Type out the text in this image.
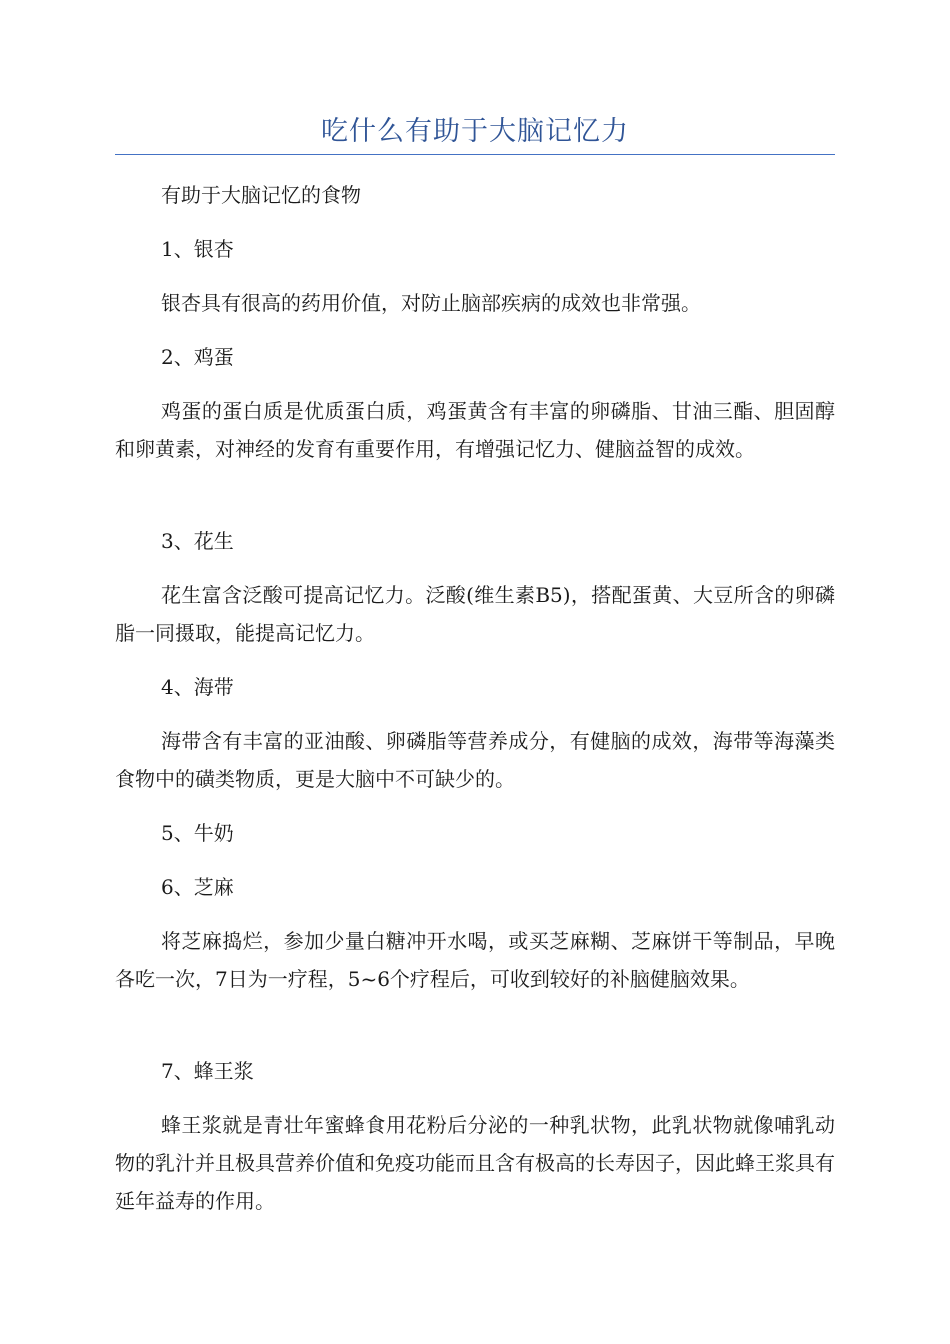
吃什么有助于大脑记忆力

有助于大脑记忆的食物

1、银杏

银杏具有很高的药用价值，对防止脑部疾病的成效也非常强。

2、鸡蛋

鸡蛋的蛋白质是优质蛋白质，鸡蛋黄含有丰富的卵磷脂、甘油三酯、胆固醇和卵黄素，对神经的发育有重要作用，有增强记忆力、健脑益智的成效。

3、花生

花生富含泛酸可提高记忆力。泛酸(维生素B5)，搭配蛋黄、大豆所含的卵磷脂一同摄取，能提高记忆力。

4、海带

海带含有丰富的亚油酸、卵磷脂等营养成分，有健脑的成效，海带等海藻类食物中的磺类物质，更是大脑中不可缺少的。

5、牛奶

6、芝麻

将芝麻捣烂，参加少量白糖冲开水喝，或买芝麻糊、芝麻饼干等制品，早晚各吃一次，7日为一疗程，5~6个疗程后，可收到较好的补脑健脑效果。

7、蜂王浆

蜂王浆就是青壮年蜜蜂食用花粉后分泌的一种乳状物，此乳状物就像哺乳动物的乳汁并且极具营养价值和免疫功能而且含有极高的长寿因子，因此蜂王浆具有延年益寿的作用。
